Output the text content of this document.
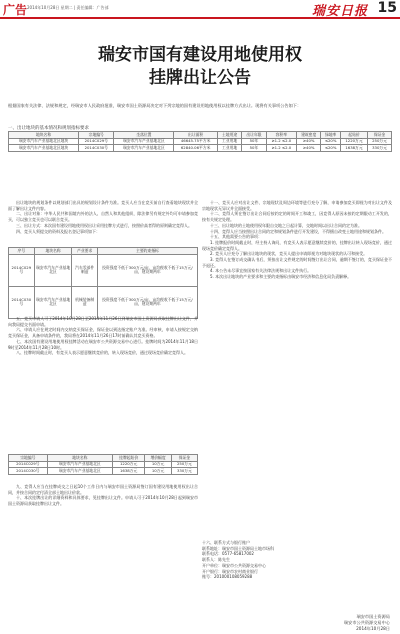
广告 2014年10月28日 星期二 | 责任编辑：广告部	瑞安日报 15
瑞安市国有建设用地使用权
挂牌出让公告
根据国家有关法律、法规和规定，经瑞安市人民政府批准，瑞安市国土资源局决定对下列宗地的国有建设用地使用权以挂牌方式出让。现将有关事项公告如下：
一、出让地块的基本情况和规划指标要求
地块名称	宗地编号	坐落位置	出让面积	土地用途	出让年限	容积率	建筑密度	绿地率	起始价	保证金
瑞安市汽车产业基地北区地块	2014C029号	瑞安市汽车产业基地北区	46645.75平方米	工业用地	50年	≥1.2 ≤2.0	≥40%	≤20%	1220万元	250万元
瑞安市汽车产业基地北区地块	2014C030号	瑞安市汽车产业基地北区	62840.06平方米	工业用地	50年	≥1.2 ≤2.0	≥40%	≤20%	1638万元	330万元

出让地块的规划条件以规划部门出具的规划设计条件为准。竞买人应当在竞买前自行查看地块现状并全面了解出让文件内容。

二、出让对象：中华人民共和国境内外的法人、自然人和其他组织，除法律另有规定外均可申请参加竞买，可以独立竞买也可以联合竞买。

三、出让方式：本次国有建设用地使用权出让采用挂牌方式进行，按照价高者得的原则确定竞得人。

四、竞买人须提交的资料及报名登记事项如下：

序号	地块名称	产业要求	主要约束指标
2014C029号	瑞安市汽车产业基地北区	汽车零部件制造	投资强度不低于300万元/亩，亩均税收不低于15万元/亩，建设期两年
2014C030号	瑞安市汽车产业基地北区	机械装备制造	投资强度不低于300万元/亩，亩均税收不低于15万元/亩，建设期两年

五、竞买申请人可于2014年10月28日至2014年11月26日到瑞安市国土资源局获取挂牌出让文件，并向我局提交书面申请。

六、申请人应在规定时间内交纳竞买保证金，保证金以到达指定账户为准。经审核，申请人按规定交纳竞买保证金，具备申请条件的，我局将在2014年11月26日17时前确认其竞买资格。

七、本次国有建设用地使用权挂牌活动在瑞安市公共资源交易中心进行。挂牌时间为2014年11月18日9时至2014年11月28日10时。

八、挂牌时间截止时，有竞买人表示愿意继续竞价的，转入现场竞价，通过现场竞价确定竞得人。

宗地编号	地块名称	挂牌起始价	增价幅度	保证金
2014C029号	瑞安市汽车产业基地北区	1220万元	10万元	250万元
2014C030号	瑞安市汽车产业基地北区	1638万元	10万元	330万元

九、竞得人应当在挂牌成交之日起10个工作日内与瑞安市国土资源局签订国有建设用地使用权出让合同，并按合同约定付清全部土地出让价款。

十、本次挂牌出让的详细资料和具体要求，见挂牌出让文件。申请人可于2014年10月28日起到瑞安市国土资源局获取挂牌出让文件。

十一、竞买人应对出让文件、宗地现状及周边环境等进行充分了解，申请参加竞买即视为对出让文件及宗地现状无异议并全面接受。

十二、竞得人须在签订出让合同后按约定的时间开工和竣工，因竞得人原因未按约定期限动工开发的，按有关规定处理。

十三、出让地块的土地使用权年限自交地之日起计算，交地时间以出让合同约定为准。

十四、竞得人应当按照出让合同约定和规划条件进行开发建设，不得擅自改变土地用途和规划条件。

十五、其他需要公告的事项：

1. 挂牌报价时间截止时，经主持人询问，有竞买人表示愿意继续竞价的，挂牌出让转入现场竞价，通过现场竞价确定竞得人。

2. 竞买人应充分了解出让地块的现状，竞买人提出申请即视为对地块现状的认可和接受。

3. 竞得人在签订成交确认书后，须按出让文件规定的时间签订出让合同，逾期不签订的，竞买保证金不予退还。

4. 本公告未尽事宜按国家有关法律法规和出让文件执行。

5. 本次出让地块的产业要求和主要约束指标由瑞安市经济和信息化局负责解释。

十六、联系方式与银行账户
联系地址：瑞安市国土资源局土地市场科
联系电话：0577-65817002
联系人：陈先生
开户单位：瑞安市公共资源交易中心
开户银行：瑞安市农村商业银行
账号：201000108059288
瑞安市国土资源局
瑞安市公共资源交易中心
2014年10月28日
